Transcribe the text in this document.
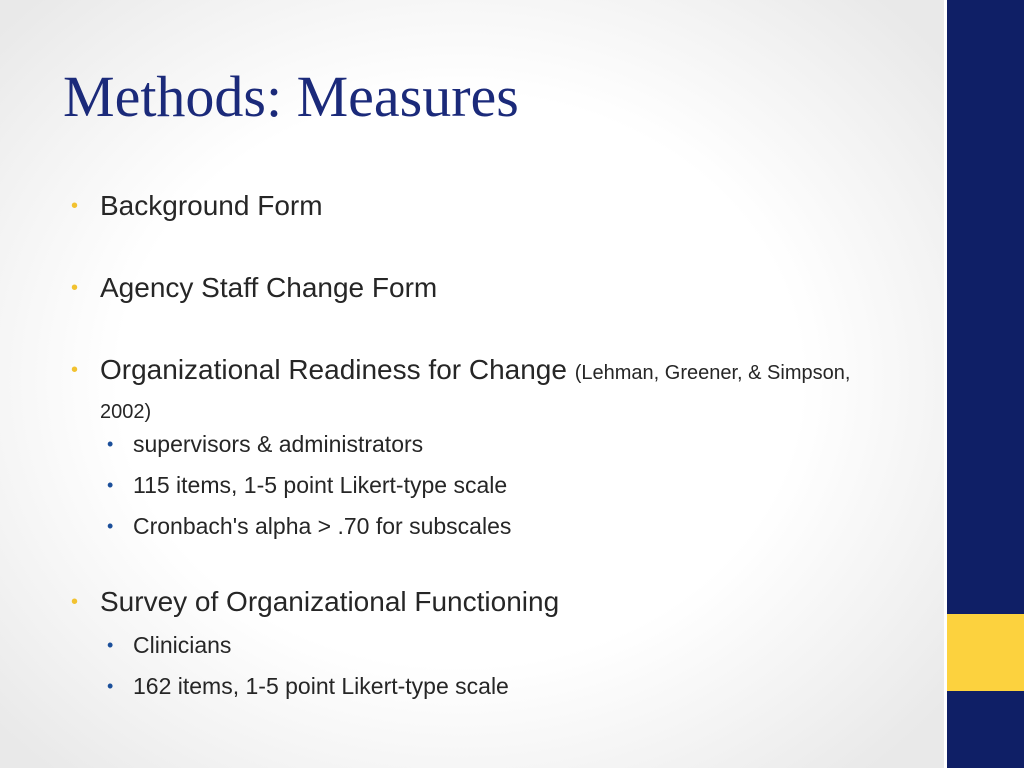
Methods: Measures
• Background Form
• Agency Staff Change Form
• Organizational Readiness for Change (Lehman, Greener, & Simpson, 2002)
• supervisors & administrators
• 115 items, 1-5 point Likert-type scale
• Cronbach's alpha > .70 for subscales
• Survey of Organizational Functioning
• Clinicians
• 162 items, 1-5 point Likert-type scale
